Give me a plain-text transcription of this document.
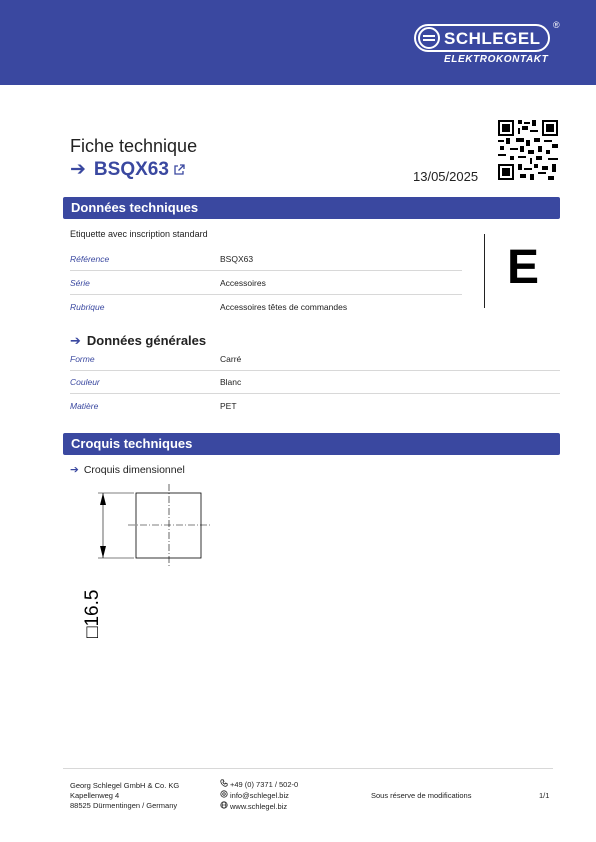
SCHLEGEL
®
ELEKTROKONTAKT
Fiche technique
➔ BSQX63	13/05/2025
Données techniques
Etiquette avec inscription standard
Référence	BSQX63
Série	Accessoires
Rubrique	Accessoires têtes de commandes
E
➔ Données générales
Forme	Carré
Couleur	Blanc
Matière	PET
Croquis techniques
➔ Croquis dimensionnel
□16.5
Georg Schlegel GmbH & Co. KG
Kapellenweg 4
88525 Dürmentingen / Germany
+49 (0) 7371 / 502-0
info@schlegel.biz
www.schlegel.biz
Sous réserve de modifications	1/1
